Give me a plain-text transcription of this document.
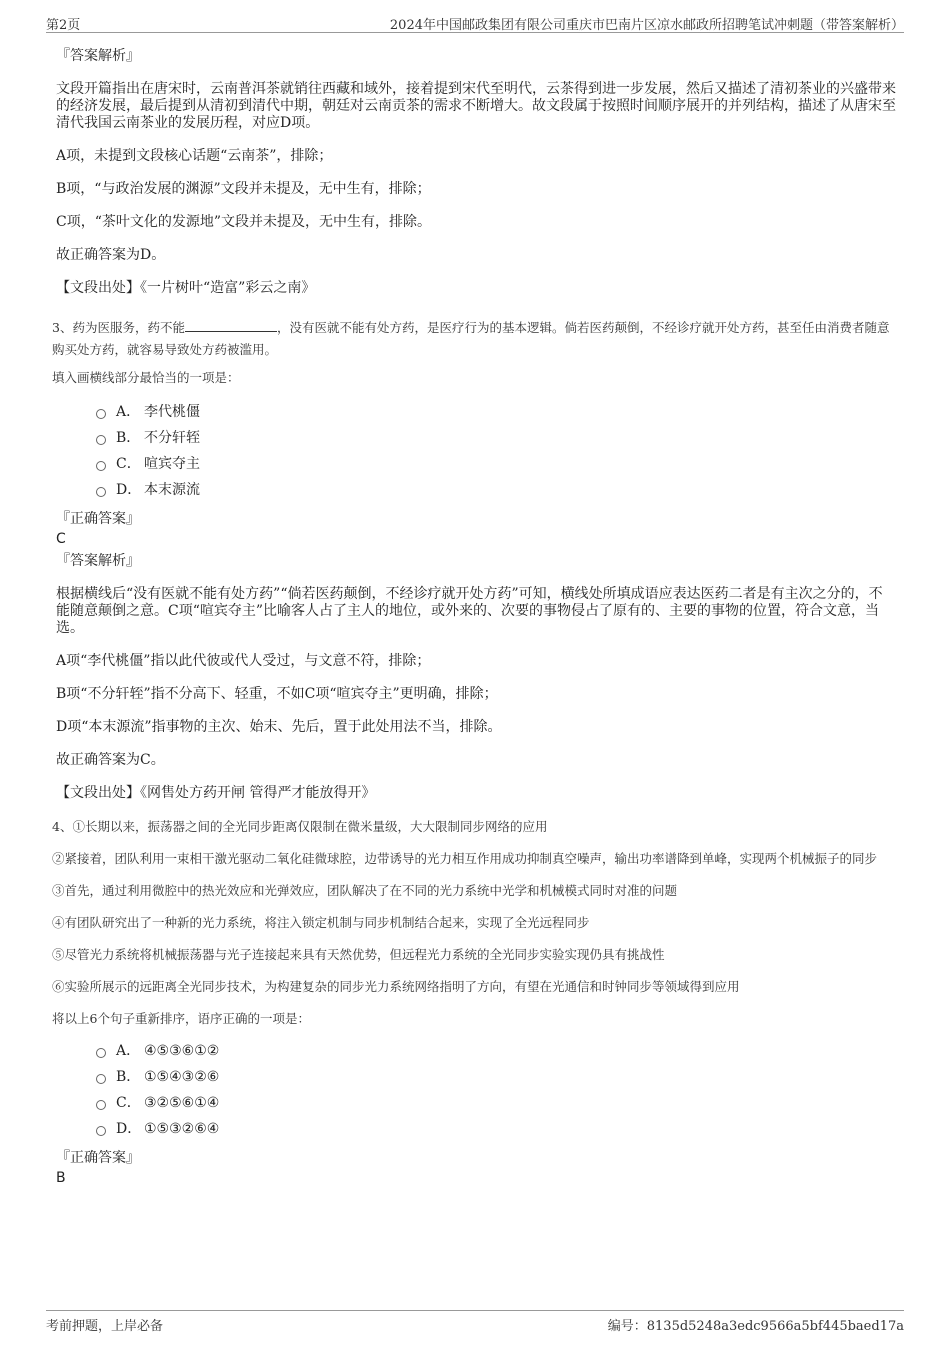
第2页	2024年中国邮政集团有限公司重庆市巴南片区凉水邮政所招聘笔试冲刺题（带答案解析）
『答案解析』

文段开篇指出在唐宋时，云南普洱茶就销往西藏和域外，接着提到宋代至明代，云茶得到进一步发展，然后又描述了清初茶业的兴盛带来的经济发展，最后提到从清初到清代中期，朝廷对云南贡茶的需求不断增大。故文段属于按照时间顺序展开的并列结构，描述了从唐宋至清代我国云南茶业的发展历程，对应D项。

A项，未提到文段核心话题“云南茶”，排除；

B项，“与政治发展的渊源”文段并未提及，无中生有，排除；

C项，“茶叶文化的发源地”文段并未提及，无中生有，排除。

故正确答案为D。

【文段出处】《一片树叶“造富”彩云之南》

3、药为医服务，药不能	，没有医就不能有处方药，是医疗行为的基本逻辑。倘若医药颠倒，不经诊疗就开处方药，甚至任由消费者随意购买处方药，就容易导致处方药被滥用。

填入画横线部分最恰当的一项是：

A． 李代桃僵
B． 不分轩轾
C． 喧宾夺主
D． 本末源流
『正确答案』
C
『答案解析』

根据横线后“没有医就不能有处方药”“倘若医药颠倒，不经诊疗就开处方药”可知，横线处所填成语应表达医药二者是有主次之分的，不能随意颠倒之意。C项“喧宾夺主”比喻客人占了主人的地位，或外来的、次要的事物侵占了原有的、主要的事物的位置，符合文意，当选。

A项“李代桃僵”指以此代彼或代人受过，与文意不符，排除；

B项“不分轩轾”指不分高下、轻重，不如C项“喧宾夺主”更明确，排除；

D项“本末源流”指事物的主次、始末、先后，置于此处用法不当，排除。

故正确答案为C。

【文段出处】《网售处方药开闸 管得严才能放得开》

4、①长期以来，振荡器之间的全光同步距离仅限制在微米量级，大大限制同步网络的应用

②紧接着，团队利用一束相干激光驱动二氧化硅微球腔，边带诱导的光力相互作用成功抑制真空噪声，输出功率谱降到单峰，实现两个机械振子的同步

③首先，通过利用微腔中的热光效应和光弹效应，团队解决了在不同的光力系统中光学和机械模式同时对准的问题

④有团队研究出了一种新的光力系统，将注入锁定机制与同步机制结合起来，实现了全光远程同步

⑤尽管光力系统将机械振荡器与光子连接起来具有天然优势，但远程光力系统的全光同步实验实现仍具有挑战性

⑥实验所展示的远距离全光同步技术，为构建复杂的同步光力系统网络指明了方向，有望在光通信和时钟同步等领域得到应用

将以上6个句子重新排序，语序正确的一项是：

A． ④⑤③⑥①②
B． ①⑤④③②⑥
C． ③②⑤⑥①④
D． ①⑤③②⑥④
『正确答案』
B
考前押题，上岸必备	编号：8135d5248a3edc9566a5bf445baed17a
